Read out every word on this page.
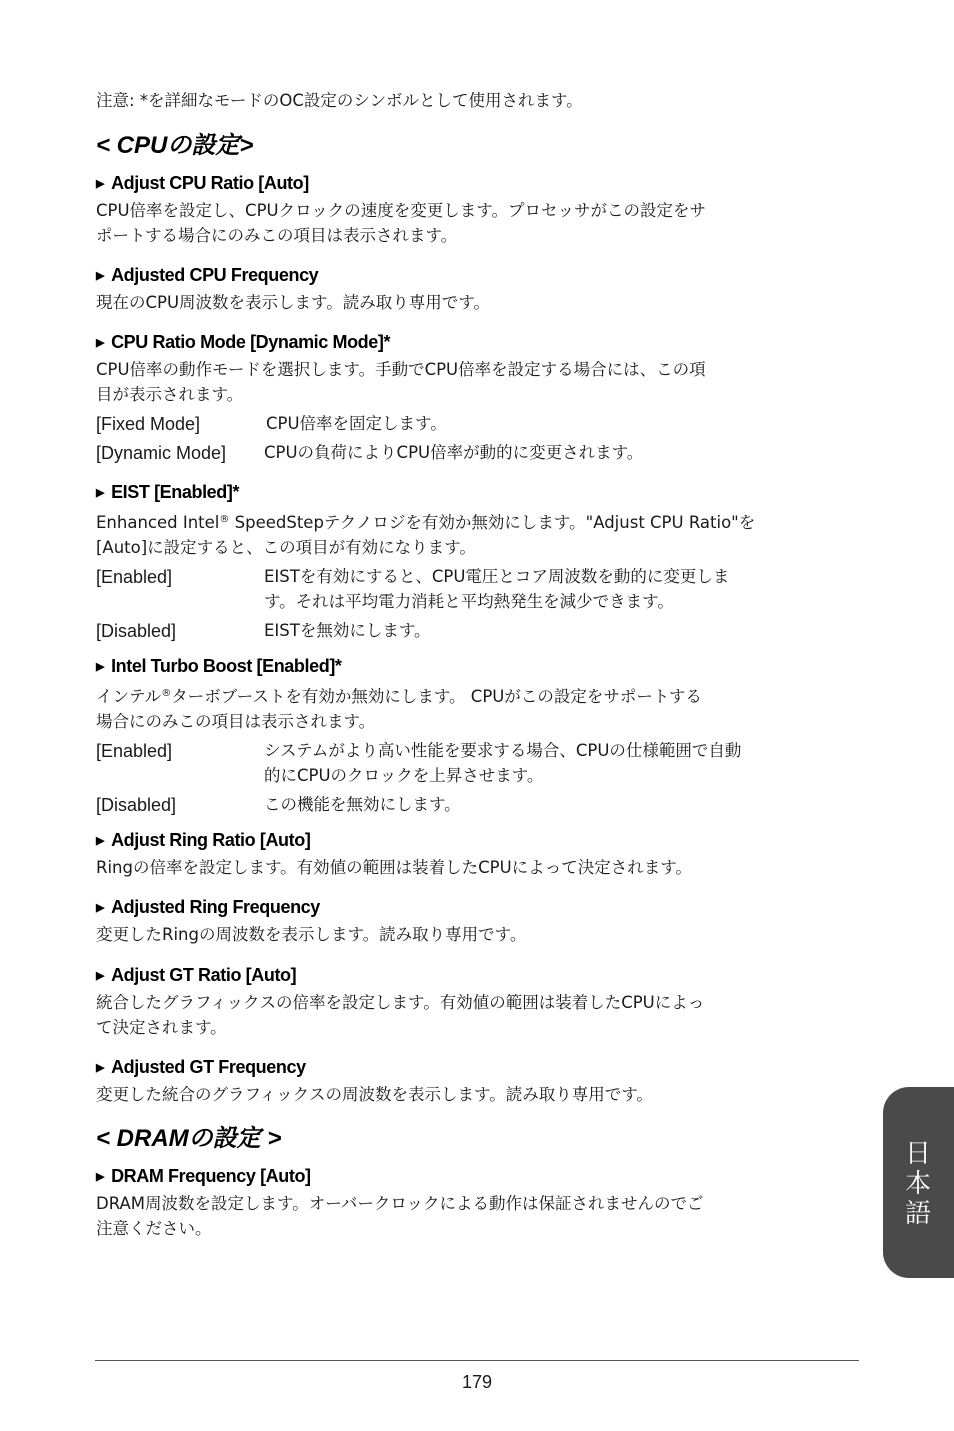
注意: *を詳細なモードのOC設定のシンボルとして使用されます。
< CPUの設定>
▶ Adjust CPU Ratio [Auto]
CPU倍率を設定し、CPUクロックの速度を変更します。プロセッサがこの設定をサ
ポートする場合にのみこの項目は表示されます。
▶ Adjusted CPU Frequency
現在のCPU周波数を表示します。読み取り専用です。
▶ CPU Ratio Mode [Dynamic Mode]*
CPU倍率の動作モードを選択します。手動でCPU倍率を設定する場合には、この項
目が表示されます。
[Fixed Mode]	CPU倍率を固定します。
[Dynamic Mode]	CPUの負荷によりCPU倍率が動的に変更されます。
▶ EIST [Enabled]*
Enhanced Intel® SpeedStepテクノロジを有効か無効にします。"Adjust CPU Ratio"を
[Auto]に設定すると、この項目が有効になります。
[Enabled]	EISTを有効にすると、CPU電圧とコア周波数を動的に変更しま
す。それは平均電力消耗と平均熱発生を減少できます。
[Disabled]	EISTを無効にします。
▶ Intel Turbo Boost [Enabled]*
インテル®ターボブーストを有効か無効にします。 CPUがこの設定をサポートする
場合にのみこの項目は表示されます。
[Enabled]	システムがより高い性能を要求する場合、CPUの仕様範囲で自動
的にCPUのクロックを上昇させます。
[Disabled]	この機能を無効にします。
▶ Adjust Ring Ratio [Auto]
Ringの倍率を設定します。有効値の範囲は装着したCPUによって決定されます。
▶ Adjusted Ring Frequency
変更したRingの周波数を表示します。読み取り専用です。
▶ Adjust GT Ratio [Auto]
統合したグラフィックスの倍率を設定します。有効値の範囲は装着したCPUによっ
て決定されます。
▶ Adjusted GT Frequency
変更した統合のグラフィックスの周波数を表示します。読み取り専用です。
< DRAMの設定 >
▶ DRAM Frequency [Auto]
DRAM周波数を設定します。オーバークロックによる動作は保証されませんのでご
注意ください。
179
日
本
語
